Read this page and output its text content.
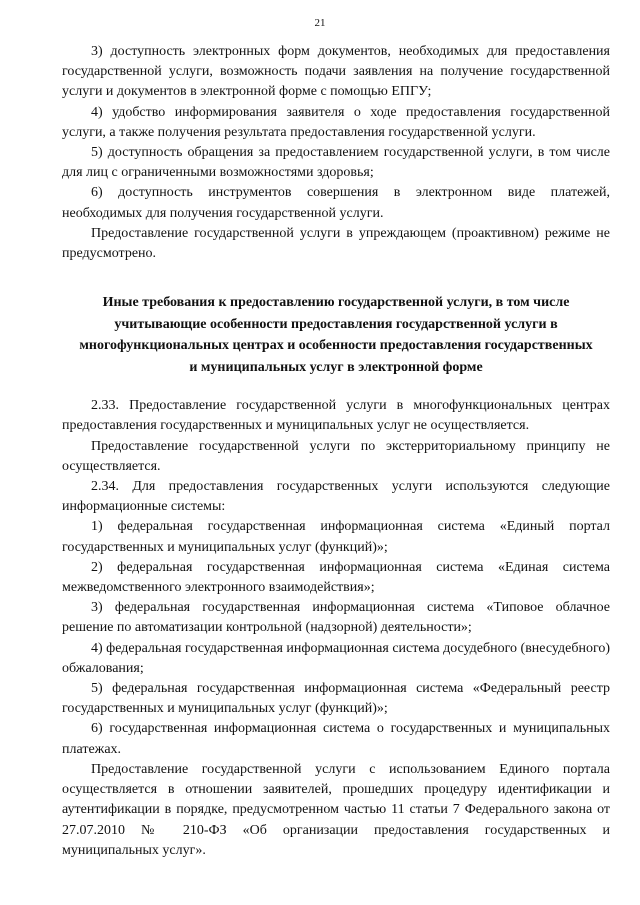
21

3) доступность электронных форм документов, необходимых для предоставления государственной услуги, возможность подачи заявления на получение государственной услуги и документов в электронной форме с помощью ЕПГУ;

4) удобство информирования заявителя о ходе предоставления государственной услуги, а также получения результата предоставления государственной услуги.

5) доступность обращения за предоставлением государственной услуги, в том числе для лиц с ограниченными возможностями здоровья;

6) доступность инструментов совершения в электронном виде платежей, необходимых для получения государственной услуги.

Предоставление государственной услуги в упреждающем (проактивном) режиме не предусмотрено.

Иные требования к предоставлению государственной услуги, в том числе учитывающие особенности предоставления государственной услуги в многофункциональных центрах и особенности предоставления государственных и муниципальных услуг в электронной форме

2.33. Предоставление государственной услуги в многофункциональных центрах предоставления государственных и муниципальных услуг не осуществляется.

Предоставление государственной услуги по экстерриториальному принципу не осуществляется.

2.34. Для предоставления государственных услуги используются следующие информационные системы:

1) федеральная государственная информационная система «Единый портал государственных и муниципальных услуг (функций)»;

2) федеральная государственная информационная система «Единая система межведомственного электронного взаимодействия»;

3) федеральная государственная информационная система «Типовое облачное решение по автоматизации контрольной (надзорной) деятельности»;

4) федеральная государственная информационная система досудебного (внесудебного) обжалования;

5) федеральная государственная информационная система «Федеральный реестр государственных и муниципальных услуг (функций)»;

6) государственная информационная система о государственных и муниципальных платежах.

Предоставление государственной услуги с использованием Единого портала осуществляется в отношении заявителей, прошедших процедуру идентификации и аутентификации в порядке, предусмотренном частью 11 статьи 7 Федерального закона от 27.07.2010 № 210-ФЗ «Об организации предоставления государственных и муниципальных услуг».
